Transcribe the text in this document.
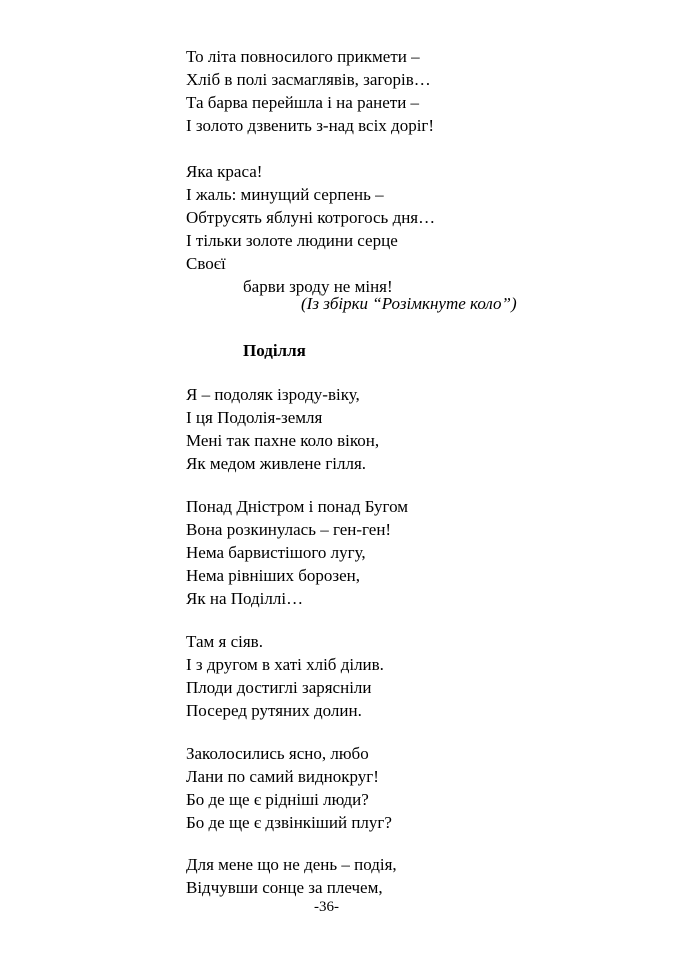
То літа повносилого прикмети –
Хліб в полі засмаглявів, загорів…
Та барва перейшла і на ранети –
І золото дзвенить з-над всіх доріг!
Яка краса!
І жаль: минущий серпень –
Обтрусять яблуні котрогось дня…
І тільки золоте людини серце
Своєї
барви зроду не міня!
(Із збірки “Розімкнуте коло”)
Поділля
Я – подоляк ізроду-віку,
І ця Подолія-земля
Мені так пахне коло вікон,
Як медом живлене гілля.
Понад Дністром і понад Бугом
Вона розкинулась – ген-ген!
Нема барвистішого лугу,
Нема рівніших борозен,
Як на Поділлі…
Там я сіяв.
І з другом в хаті хліб ділив.
Плоди достиглі зарясніли
Посеред рутяних долин.
Заколосились ясно, любо
Лани по самий виднокруг!
Бо де ще є рідніші люди?
Бо де ще є дзвінкіший плуг?
Для мене що не день – подія,
Відчувши сонце за плечем,
-36-
